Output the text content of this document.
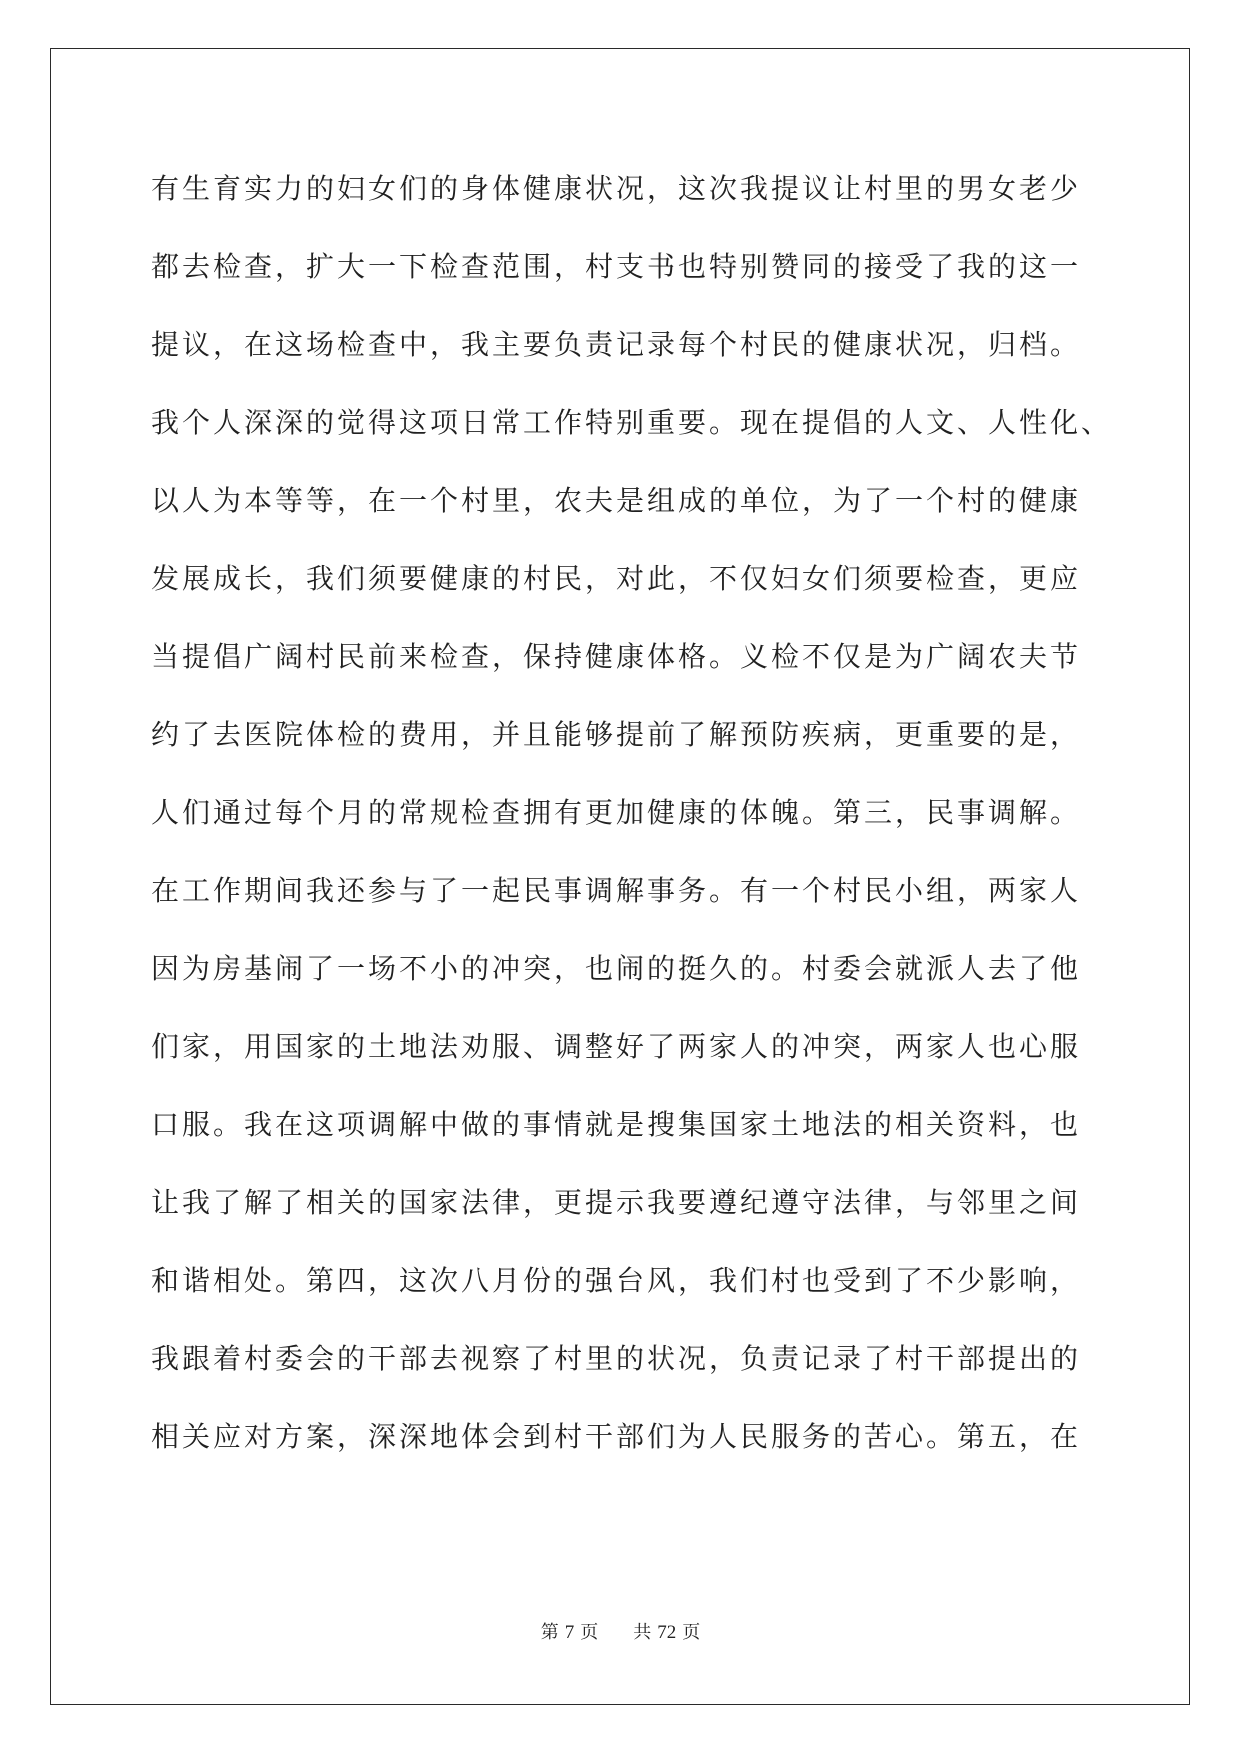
有生育实力的妇女们的身体健康状况，这次我提议让村里的男女老少
都去检查，扩大一下检查范围，村支书也特别赞同的接受了我的这一
提议，在这场检查中，我主要负责记录每个村民的健康状况，归档。
我个人深深的觉得这项日常工作特别重要。现在提倡的人文、人性化、
以人为本等等，在一个村里，农夫是组成的单位，为了一个村的健康
发展成长，我们须要健康的村民，对此，不仅妇女们须要检查，更应
当提倡广阔村民前来检查，保持健康体格。义检不仅是为广阔农夫节
约了去医院体检的费用，并且能够提前了解预防疾病，更重要的是，
人们通过每个月的常规检查拥有更加健康的体魄。第三，民事调解。
在工作期间我还参与了一起民事调解事务。有一个村民小组，两家人
因为房基闹了一场不小的冲突，也闹的挺久的。村委会就派人去了他
们家，用国家的土地法劝服、调整好了两家人的冲突，两家人也心服
口服。我在这项调解中做的事情就是搜集国家土地法的相关资料，也
让我了解了相关的国家法律，更提示我要遵纪遵守法律，与邻里之间
和谐相处。第四，这次八月份的强台风，我们村也受到了不少影响，
我跟着村委会的干部去视察了村里的状况，负责记录了村干部提出的
相关应对方案，深深地体会到村干部们为人民服务的苦心。第五，在
第 7 页 共 72 页
